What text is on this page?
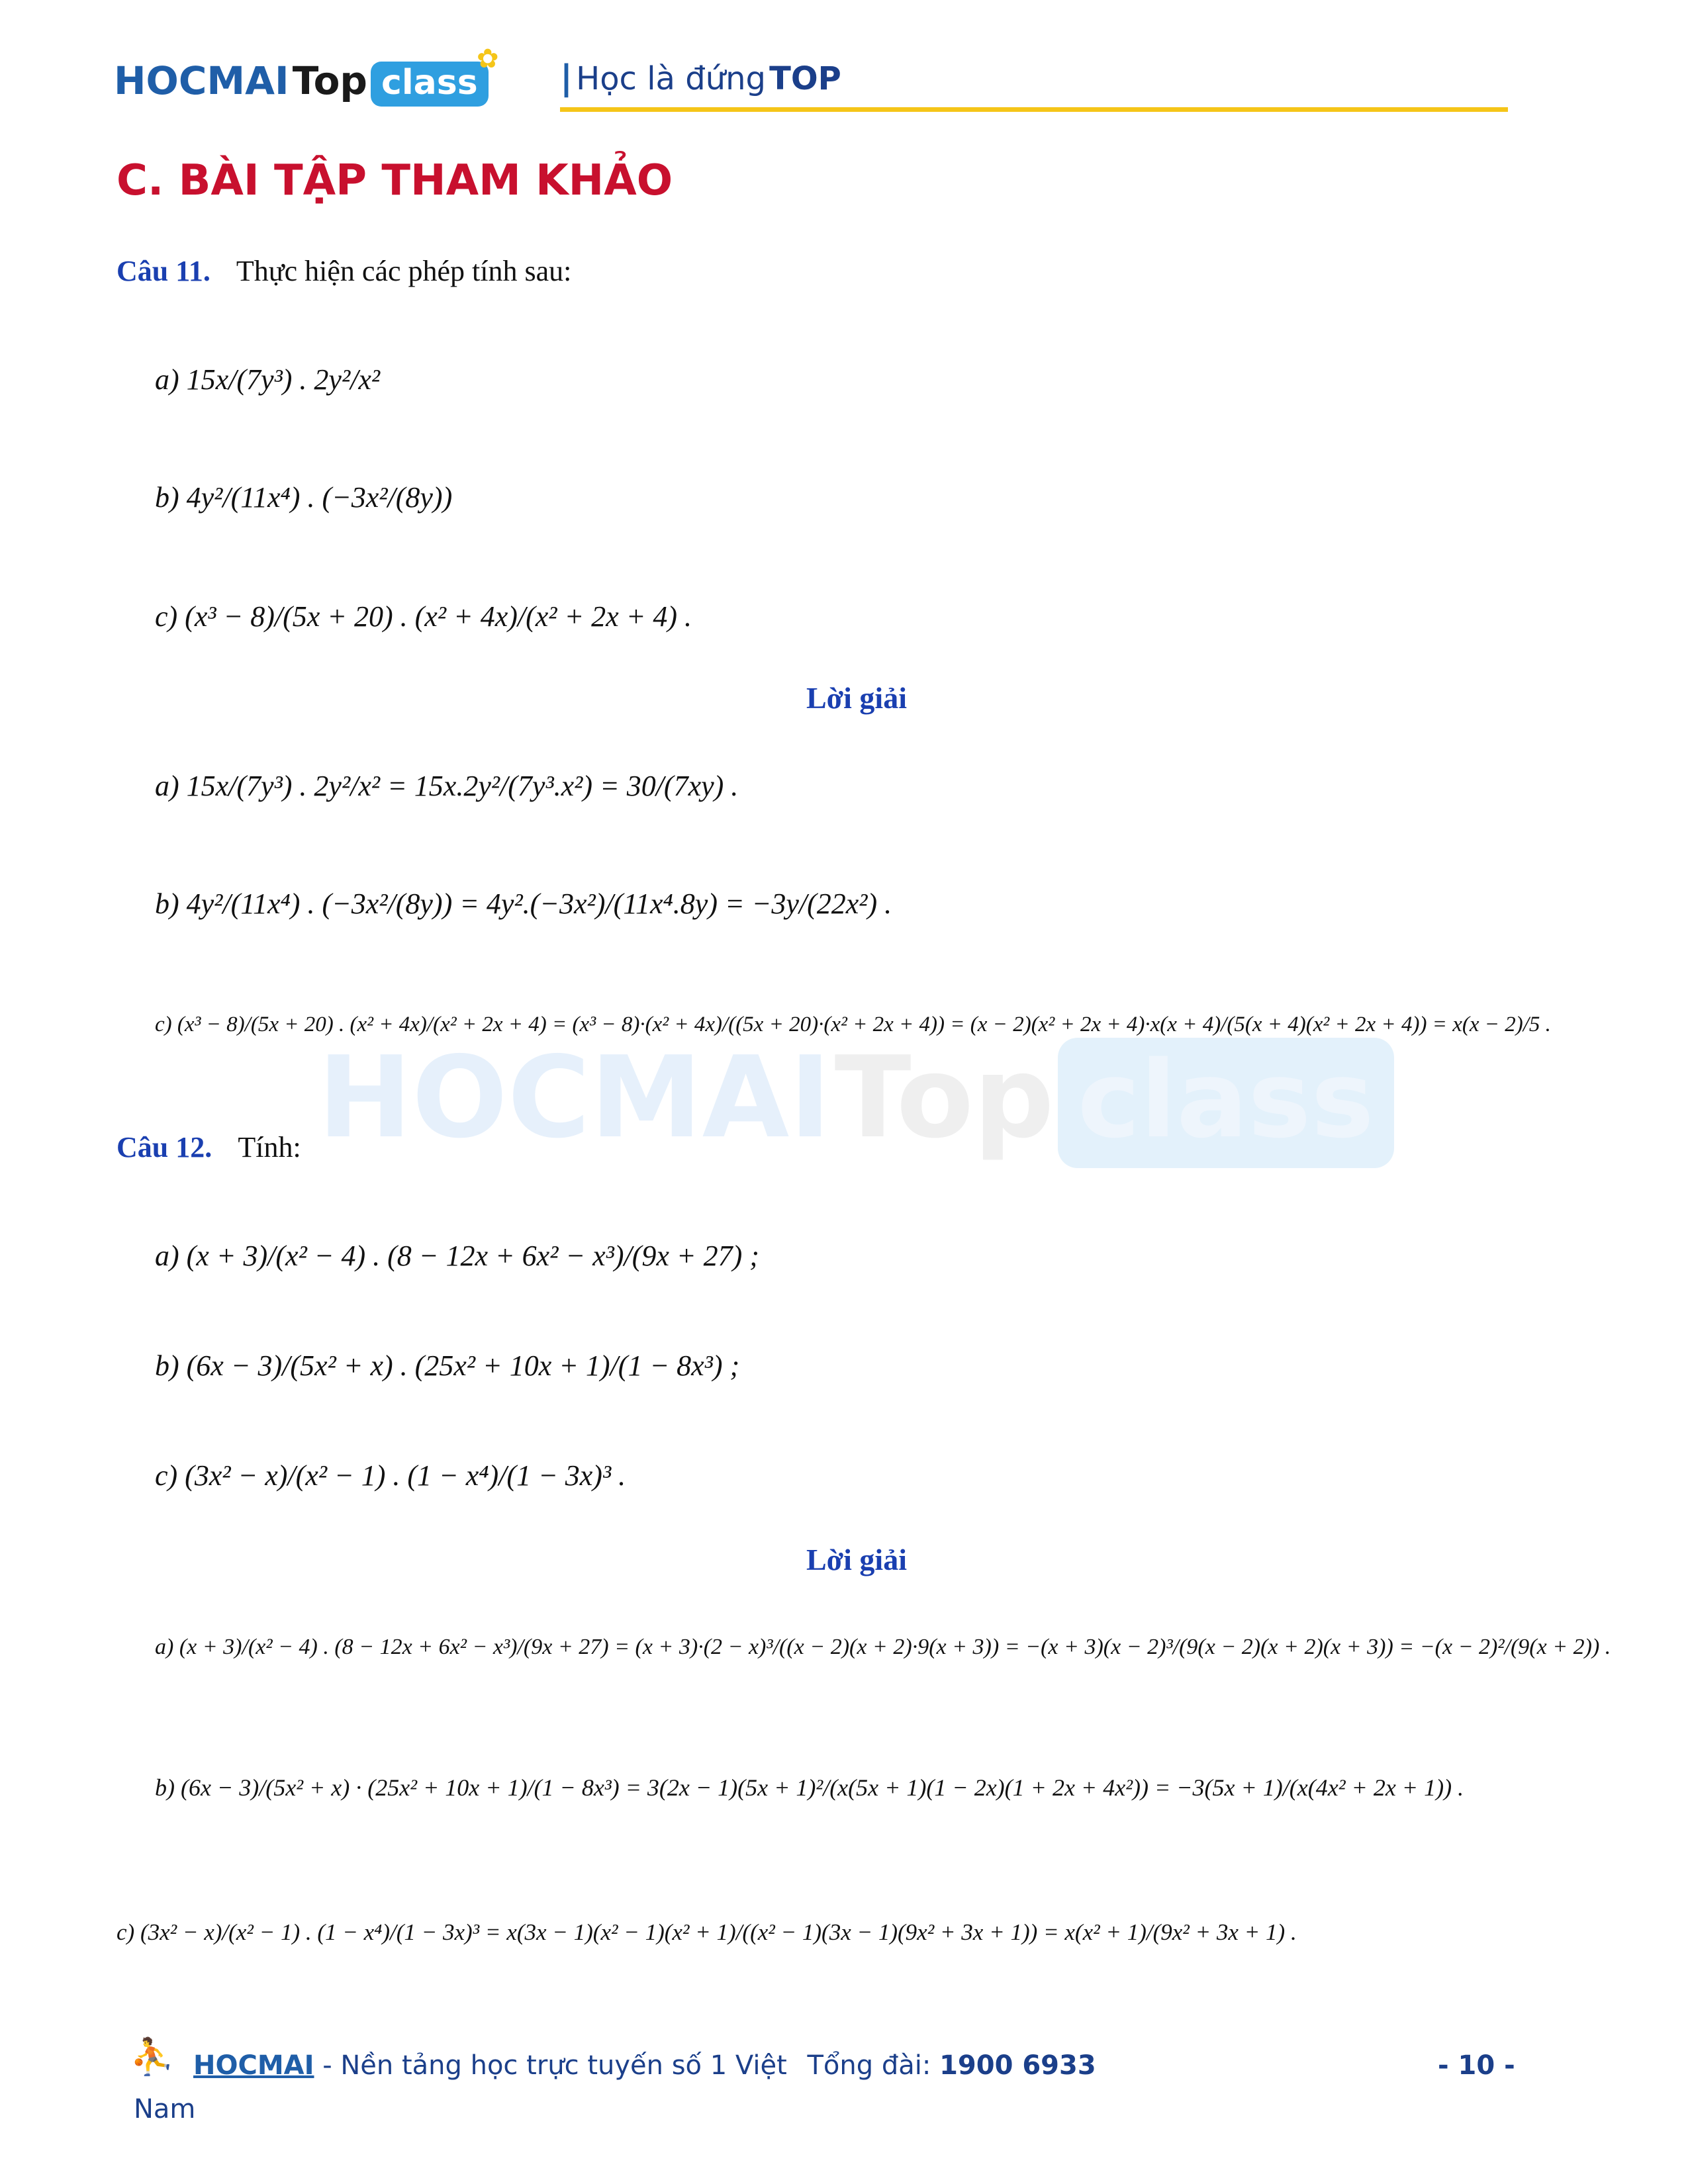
HOCMAI Top class
HOCMAI Top class
✿ | Học là đứng TOP
C. BÀI TẬP THAM KHẢO
Câu 11. Thực hiện các phép tính sau:
a) 15x/(7y³) . 2y²/x²
b) 4y²/(11x⁴) . (−3x²/(8y))
c) (x³ − 8)/(5x + 20) . (x² + 4x)/(x² + 2x + 4) .
Lời giải
a) 15x/(7y³) . 2y²/x² = 15x.2y²/(7y³.x²) = 30/(7xy) .
b) 4y²/(11x⁴) . (−3x²/(8y)) = 4y².(−3x²)/(11x⁴.8y) = −3y/(22x²) .
c) (x³ − 8)/(5x + 20) . (x² + 4x)/(x² + 2x + 4) = (x³ − 8)·(x² + 4x)/((5x + 20)·(x² + 2x + 4)) = (x − 2)(x² + 2x + 4)·x(x + 4)/(5(x + 4)(x² + 2x + 4)) = x(x − 2)/5 .
Câu 12. Tính:
a) (x + 3)/(x² − 4) . (8 − 12x + 6x² − x³)/(9x + 27) ;
b) (6x − 3)/(5x² + x) . (25x² + 10x + 1)/(1 − 8x³) ;
c) (3x² − x)/(x² − 1) . (1 − x⁴)/(1 − 3x)³ .
Lời giải
a) (x + 3)/(x² − 4) . (8 − 12x + 6x² − x³)/(9x + 27) = (x + 3)·(2 − x)³/((x − 2)(x + 2)·9(x + 3)) = −(x + 3)(x − 2)³/(9(x − 2)(x + 2)(x + 3)) = −(x − 2)²/(9(x + 2)) .
b) (6x − 3)/(5x² + x) · (25x² + 10x + 1)/(1 − 8x³) = 3(2x − 1)(5x + 1)²/(x(5x + 1)(1 − 2x)(1 + 2x + 4x²)) = −3(5x + 1)/(x(4x² + 2x + 1)) .
c) (3x² − x)/(x² − 1) . (1 − x⁴)/(1 − 3x)³ = x(3x − 1)(x² − 1)(x² + 1)/((x² − 1)(3x − 1)(9x² + 3x + 1)) = x(x² + 1)/(9x² + 3x + 1) .
⛹ HOCMAI - Nền tảng học trực tuyến số 1 Việt Tổng đài: 1900 6933
Nam
- 10 -
